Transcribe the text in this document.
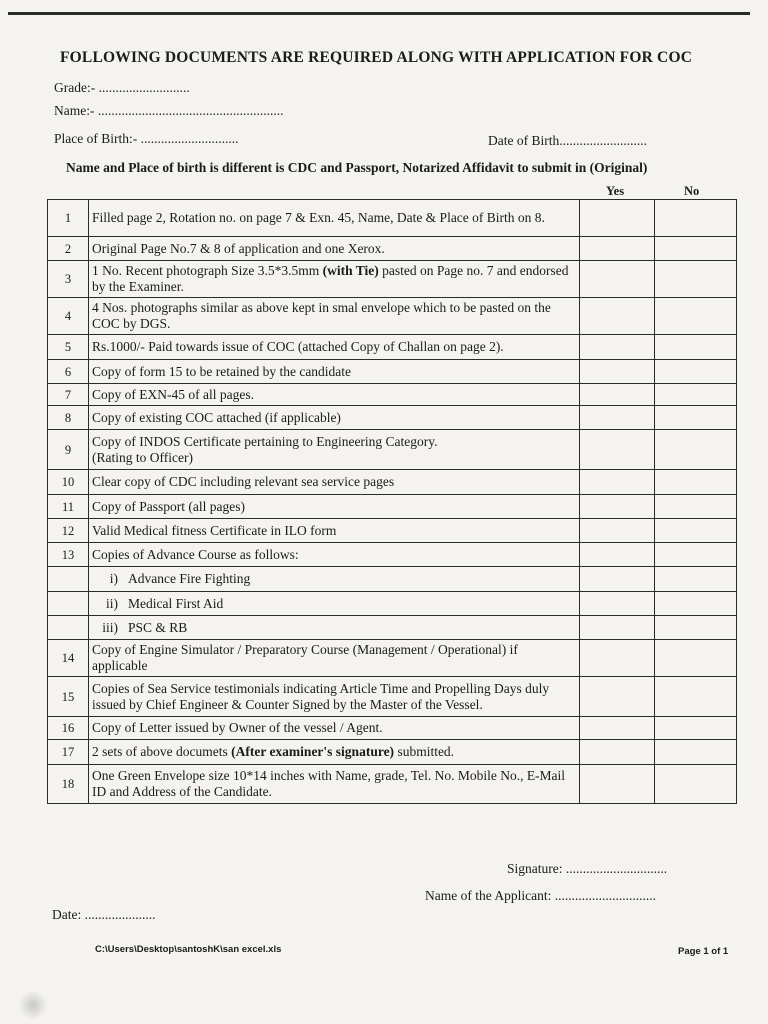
FOLLOWING DOCUMENTS ARE REQUIRED ALONG WITH APPLICATION FOR COC
Grade:- ...........................
Name:- .......................................................
Place of Birth:- .............................	Date of Birth..........................
Name and Place of birth is different is CDC and Passport, Notarized Affidavit to submit in (Original)
Yes	No
1	Filled page 2, Rotation no. on page 7 & Exn. 45, Name, Date & Place of Birth on 8.		
2	Original Page No.7 & 8 of application and one Xerox.		
3	1 No. Recent photograph Size 3.5*3.5mm (with Tie) pasted on Page no. 7 and endorsed by the Examiner.		
4	4 Nos. photographs similar as above kept in smal envelope which to be pasted on the COC by DGS.		
5	Rs.1000/- Paid towards issue of COC (attached Copy of Challan on page 2).		
6	Copy of form 15 to be retained by the candidate		
7	Copy of EXN-45 of all pages.		
8	Copy of existing COC attached (if applicable)		
9	Copy of INDOS Certificate pertaining to Engineering Category.
(Rating to Officer)		
10	Clear copy of CDC including relevant sea service pages		
11	Copy of Passport (all pages)		
12	Valid Medical fitness Certificate in ILO form		
13	Copies of Advance Course as follows:		
	i) Advance Fire Fighting		
	ii) Medical First Aid		
	iii) PSC & RB		
14	Copy of Engine Simulator / Preparatory Course (Management / Operational) if applicable		
15	Copies of Sea Service testimonials indicating Article Time and Propelling Days duly issued by Chief Engineer & Counter Signed by the Master of the Vessel.		
16	Copy of Letter issued by Owner of the vessel / Agent.		
17	2 sets of above documets (After examiner's signature) submitted.		
18	One Green Envelope size 10*14 inches with Name, grade, Tel. No. Mobile No., E-Mail ID and Address of the Candidate.		
Signature: ..............................
Name of the Applicant: ..............................
Date: .....................
C:\Users\Desktop\santoshK\san excel.xls	Page 1 of 1
